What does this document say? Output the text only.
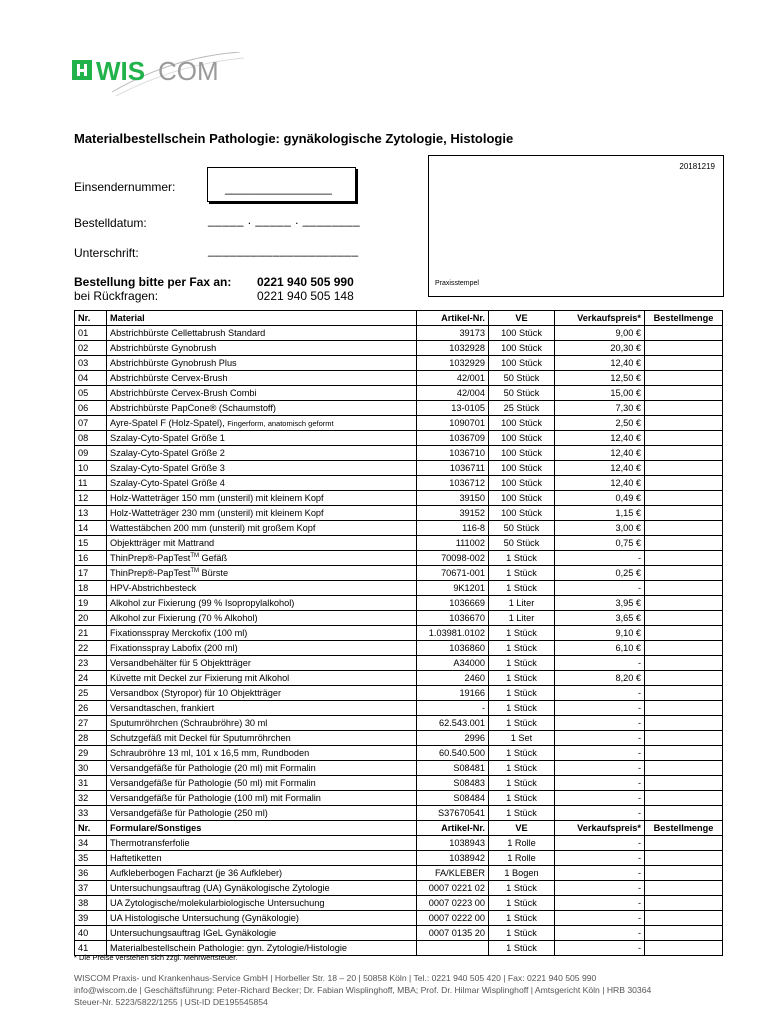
WIS COM
Materialbestellschein Pathologie: gynäkologische Zytologie, Histologie
Einsendernummer:	________________
Bestelldatum:	_____ . _____ . ________
Unterschrift:	_____________________
Bestellung bitte per Fax an: 0221 940 505 990
bei Rückfragen:	0221 940 505 148
20181219
Praxisstempel
Nr.	Material	Artikel-Nr.	VE	Verkaufspreis*	Bestellmenge
01	Abstrichbürste Cellettabrush Standard	39173	100 Stück	9,00 €	
02	Abstrichbürste Gynobrush	1032928	100 Stück	20,30 €	
03	Abstrichbürste Gynobrush Plus	1032929	100 Stück	12,40 €	
04	Abstrichbürste Cervex-Brush	42/001	50 Stück	12,50 €	
05	Abstrichbürste Cervex-Brush Combi	42/004	50 Stück	15,00 €	
06	Abstrichbürste PapCone® (Schaumstoff)	13-0105	25 Stück	7,30 €	
07	Ayre-Spatel F (Holz-Spatel), Fingerform, anatomisch geformt	1090701	100 Stück	2,50 €	
08	Szalay-Cyto-Spatel Größe 1	1036709	100 Stück	12,40 €	
09	Szalay-Cyto-Spatel Größe 2	1036710	100 Stück	12,40 €	
10	Szalay-Cyto-Spatel Größe 3	1036711	100 Stück	12,40 €	
11	Szalay-Cyto-Spatel Größe 4	1036712	100 Stück	12,40 €	
12	Holz-Watteträger 150 mm (unsteril) mit kleinem Kopf	39150	100 Stück	0,49 €	
13	Holz-Watteträger 230 mm (unsteril) mit kleinem Kopf	39152	100 Stück	1,15 €	
14	Wattestäbchen 200 mm (unsteril) mit großem Kopf	116-8	50 Stück	3,00 €	
15	Objektträger mit Mattrand	111002	50 Stück	0,75 €	
16	ThinPrep®-PapTest™ Gefäß	70098-002	1 Stück	-	
17	ThinPrep®-PapTest™ Bürste	70671-001	1 Stück	0,25 €	
18	HPV-Abstrichbesteck	9K1201	1 Stück	-	
19	Alkohol zur Fixierung (99 % Isopropylalkohol)	1036669	1 Liter	3,95 €	
20	Alkohol zur Fixierung (70 % Alkohol)	1036670	1 Liter	3,65 €	
21	Fixationsspray Merckofix (100 ml)	1.03981.0102	1 Stück	9,10 €	
22	Fixationsspray Labofix (200 ml)	1036860	1 Stück	6,10 €	
23	Versandbehälter für 5 Objektträger	A34000	1 Stück	-	
24	Küvette mit Deckel zur Fixierung mit Alkohol	2460	1 Stück	8,20 €	
25	Versandbox (Styropor) für 10 Objektträger	19166	1 Stück	-	
26	Versandtaschen, frankiert	-	1 Stück	-	
27	Sputumröhrchen (Schraubröhre) 30 ml	62.543.001	1 Stück	-	
28	Schutzgefäß mit Deckel für Sputumröhrchen	2996	1 Set	-	
29	Schraubröhre 13 ml, 101 x 16,5 mm, Rundboden	60.540.500	1 Stück	-	
30	Versandgefäße für Pathologie (20 ml) mit Formalin	S08481	1 Stück	-	
31	Versandgefäße für Pathologie (50 ml) mit Formalin	S08483	1 Stück	-	
32	Versandgefäße für Pathologie (100 ml) mit Formalin	S08484	1 Stück	-	
33	Versandgefäße für Pathologie (250 ml)	S37670541	1 Stück	-	
Nr.	Formulare/Sonstiges	Artikel-Nr.	VE	Verkaufspreis*	Bestellmenge
34	Thermotransferfolie	1038943	1 Rolle	-	
35	Haftetiketten	1038942	1 Rolle	-	
36	Aufkleberbogen Facharzt (je 36 Aufkleber)	FA/KLEBER	1 Bogen	-	
37	Untersuchungsauftrag (UA) Gynäkologische Zytologie	0007 0221 02	1 Stück	-	
38	UA Zytologische/molekularbiologische Untersuchung	0007 0223 00	1 Stück	-	
39	UA Histologische Untersuchung (Gynäkologie)	0007 0222 00	1 Stück	-	
40	Untersuchungsauftrag IGeL Gynäkologie	0007 0135 20	1 Stück	-	
41	Materialbestellschein Pathologie: gyn. Zytologie/Histologie		1 Stück	-	
* Die Preise verstehen sich zzgl. Mehrwertsteuer.
WISCOM Praxis- und Krankenhaus-Service GmbH | Horbeller Str. 18 – 20 | 50858 Köln | Tel.: 0221 940 505 420 | Fax: 0221 940 505 990
info@wiscom.de | Geschäftsführung: Peter-Richard Becker; Dr. Fabian Wisplinghoff, MBA; Prof. Dr. Hilmar Wisplinghoff | Amtsgericht Köln | HRB 30364
Steuer-Nr. 5223/5822/1255 | USt-ID DE195545854
